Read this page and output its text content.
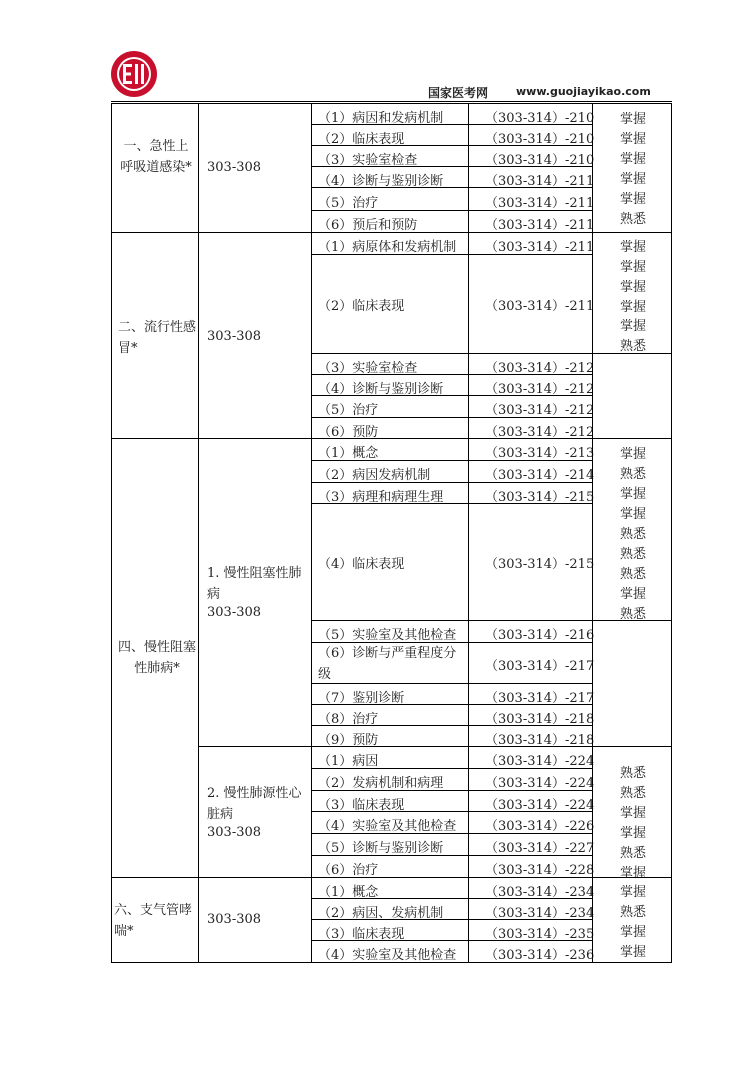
国家医考网	www.guojiayikao.com
一、急性上呼吸道感染* 303-308
（1）病因和发病机制
（2）临床表现
（3）实验室检查
（4）诊断与鉴别诊断
（5）治疗
（6）预后和预防
（303-314）-210
（303-314）-210
（303-314）-210
（303-314）-211
（303-314）-211
（303-314）-211
掌握
掌握
掌握
掌握
掌握
熟悉
二、流行性感冒*
303-308
（1）病原体和发病机制
（2）临床表现
（3）实验室检查
（4）诊断与鉴别诊断
（5）治疗
（6）预防
（303-314）-211
（303-314）-211
（303-314）-212
（303-314）-212
（303-314）-212
（303-314）-212
掌握
掌握
掌握
掌握
掌握
熟悉
四、慢性阻塞性肺病*
1. 慢性阻塞性肺病
303-308
（1）概念
（2）病因发病机制
（3）病理和病理生理
（4）临床表现
（5）实验室及其他检查
（6）诊断与严重程度分级
（7）鉴别诊断
（8）治疗
（9）预防
（303-314）-213
（303-314）-214
（303-314）-215
（303-314）-215
（303-314）-216
（303-314）-217
（303-314）-217
（303-314）-218
（303-314）-218
掌握
熟悉
掌握
掌握
熟悉
熟悉
熟悉
掌握
熟悉
2. 慢性肺源性心脏病
303-308
（1）病因
（2）发病机制和病理
（3）临床表现
（4）实验室及其他检查
（5）诊断与鉴别诊断
（6）治疗
（303-314）-224
（303-314）-224
（303-314）-224
（303-314）-226
（303-314）-227
（303-314）-228
熟悉
熟悉
掌握
掌握
熟悉
掌握
六、支气管哮喘*
303-308
（1）概念
（2）病因、发病机制
（3）临床表现
（4）实验室及其他检查
（303-314）-234
（303-314）-234
（303-314）-235
（303-314）-236
掌握
熟悉
掌握
掌握
